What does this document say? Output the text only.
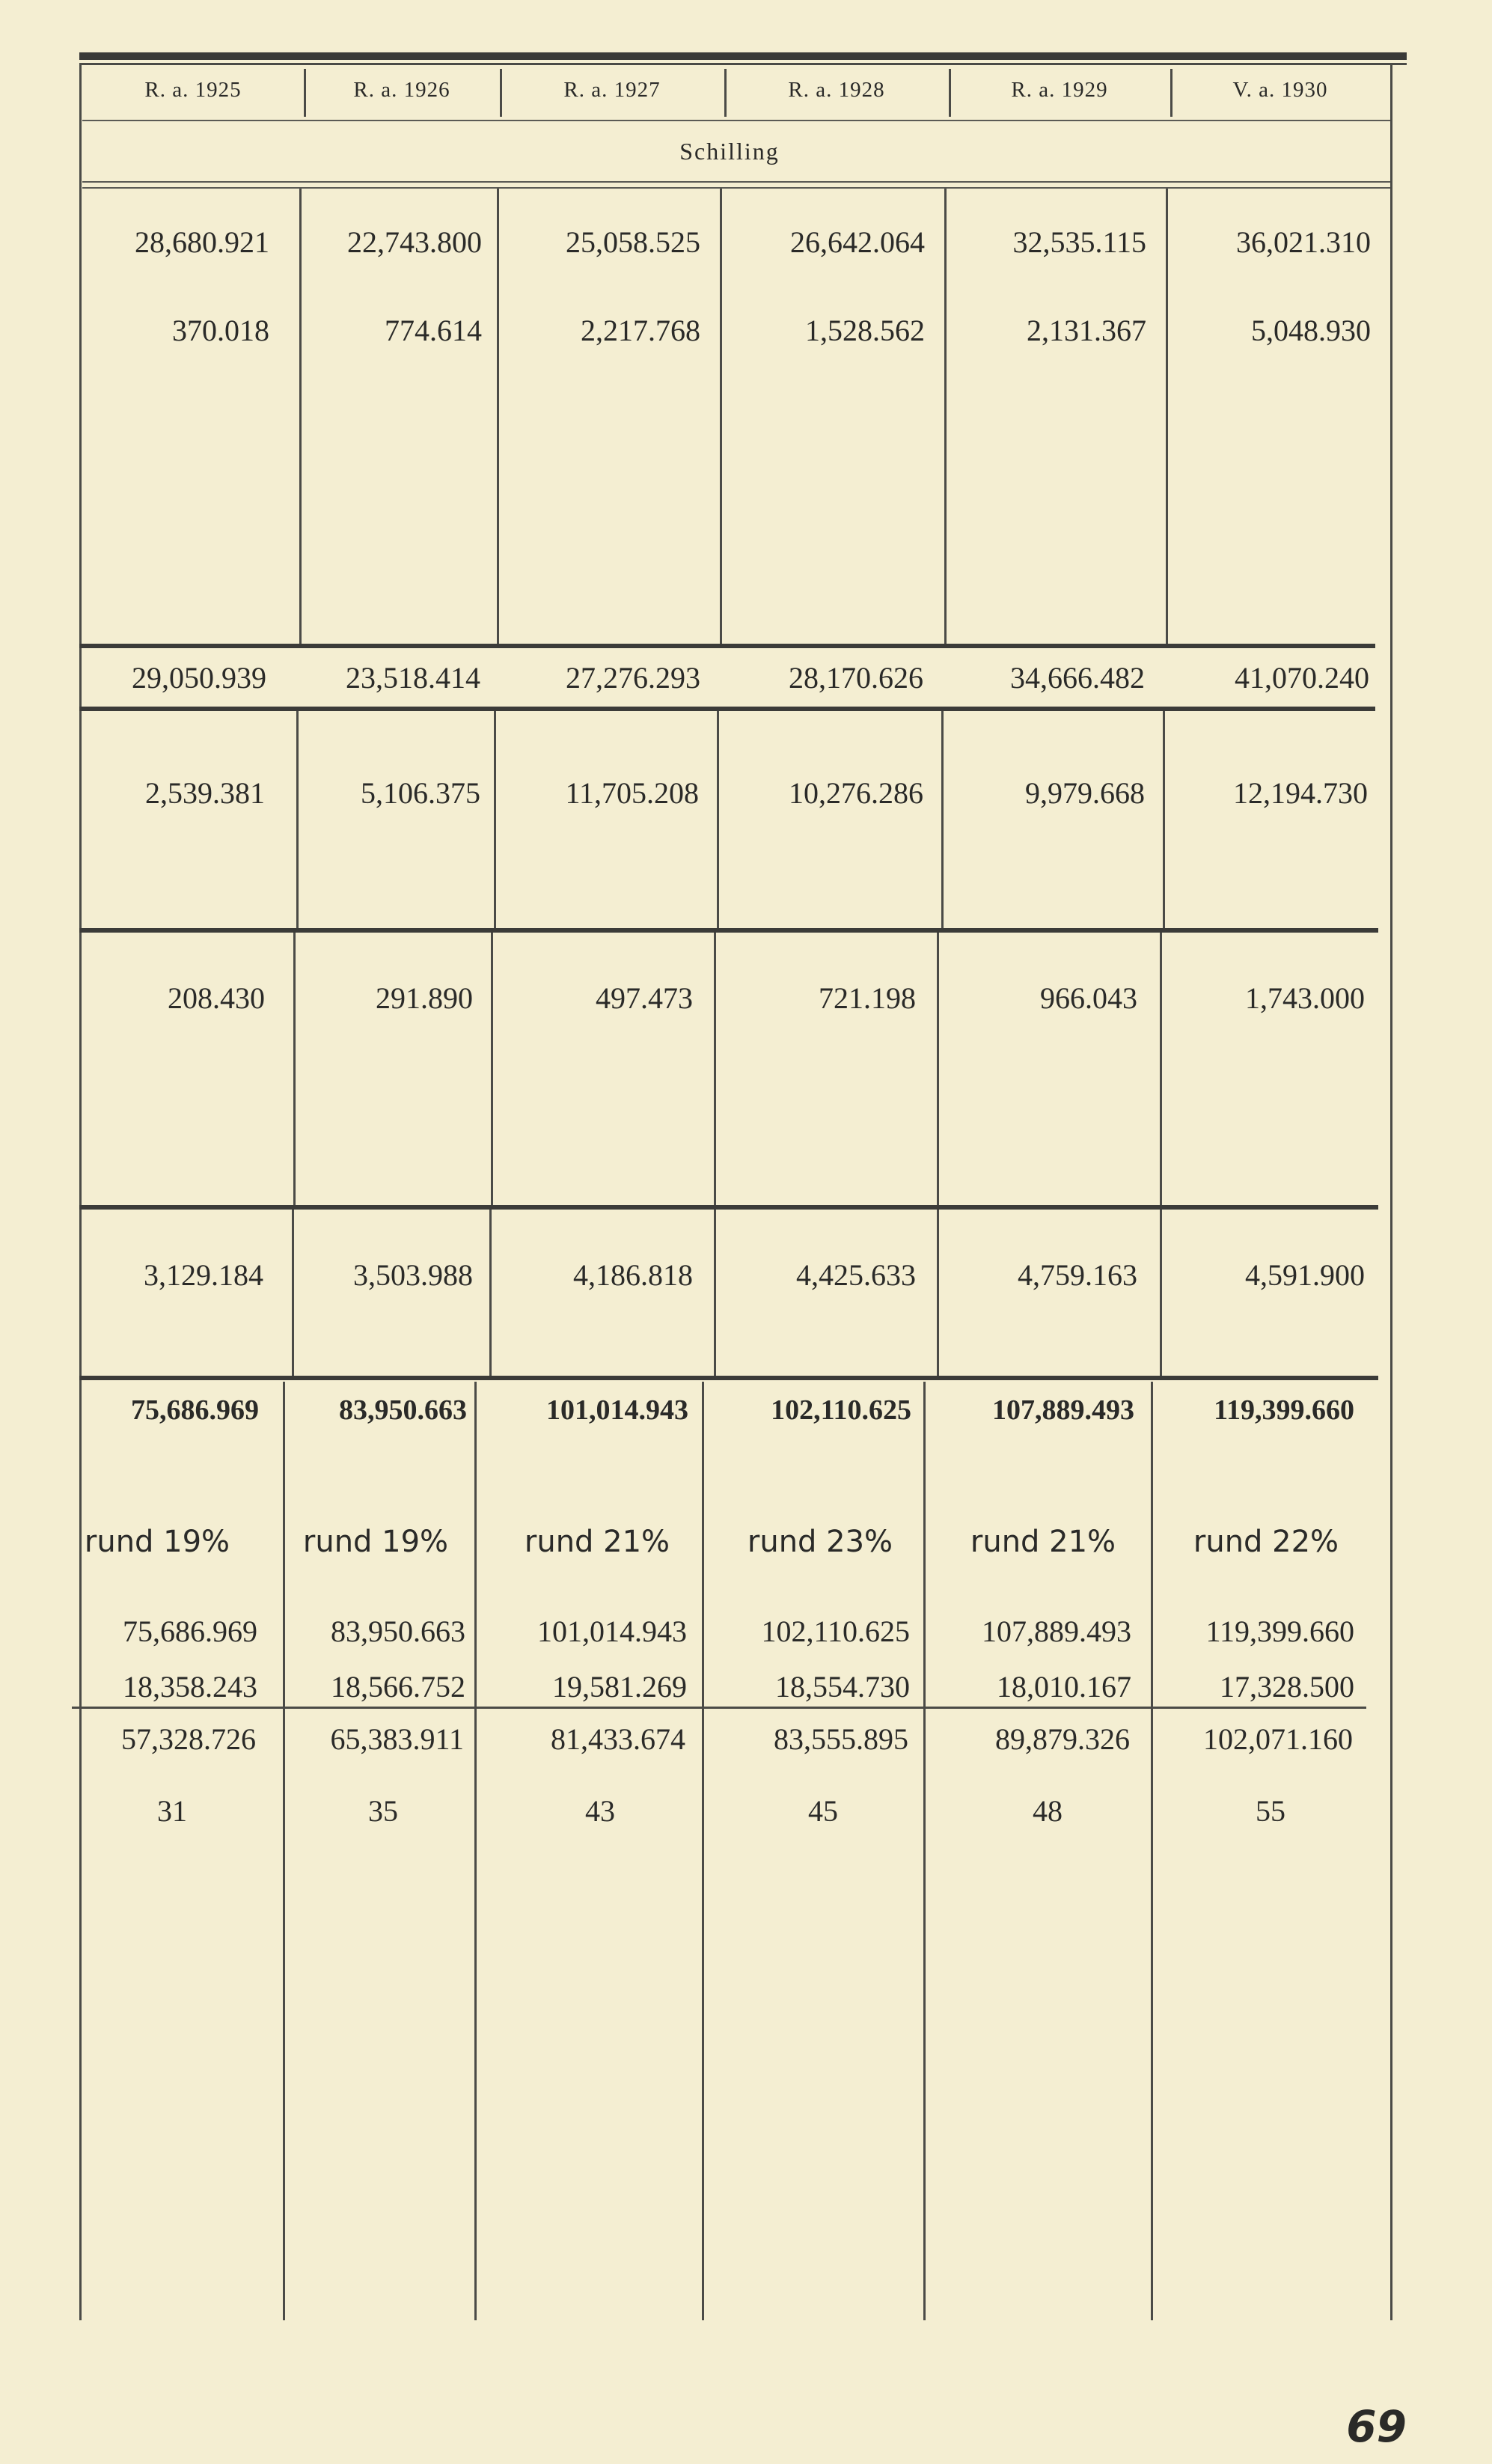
R. a. 1925	R. a. 1926	R. a. 1927	R. a. 1928	R. a. 1929	V. a. 1930
Schilling
28,680.921	22,743.800	25,058.525	26,642.064	32,535.115	36,021.310
370.018	774.614	2,217.768	1,528.562	2,131.367	5,048.930
29,050.939	23,518.414	27,276.293	28,170.626	34,666.482	41,070.240
2,539.381	5,106.375	11,705.208	10,276.286	9,979.668	12,194.730
208.430	291.890	497.473	721.198	966.043	1,743.000
3,129.184	3,503.988	4,186.818	4,425.633	4,759.163	4,591.900
75,686.969	83,950.663	101,014.943	102,110.625	107,889.493	119,399.660
rund 19%	rund 19%	rund 21%	rund 23%	rund 21%	rund 22%
75,686.969	83,950.663	101,014.943	102,110.625	107,889.493	119,399.660
18,358.243	18,566.752	19,581.269	18,554.730	18,010.167	17,328.500
57,328.726	65,383.911	81,433.674	83,555.895	89,879.326	102,071.160
31	35	43	45	48	55
69
